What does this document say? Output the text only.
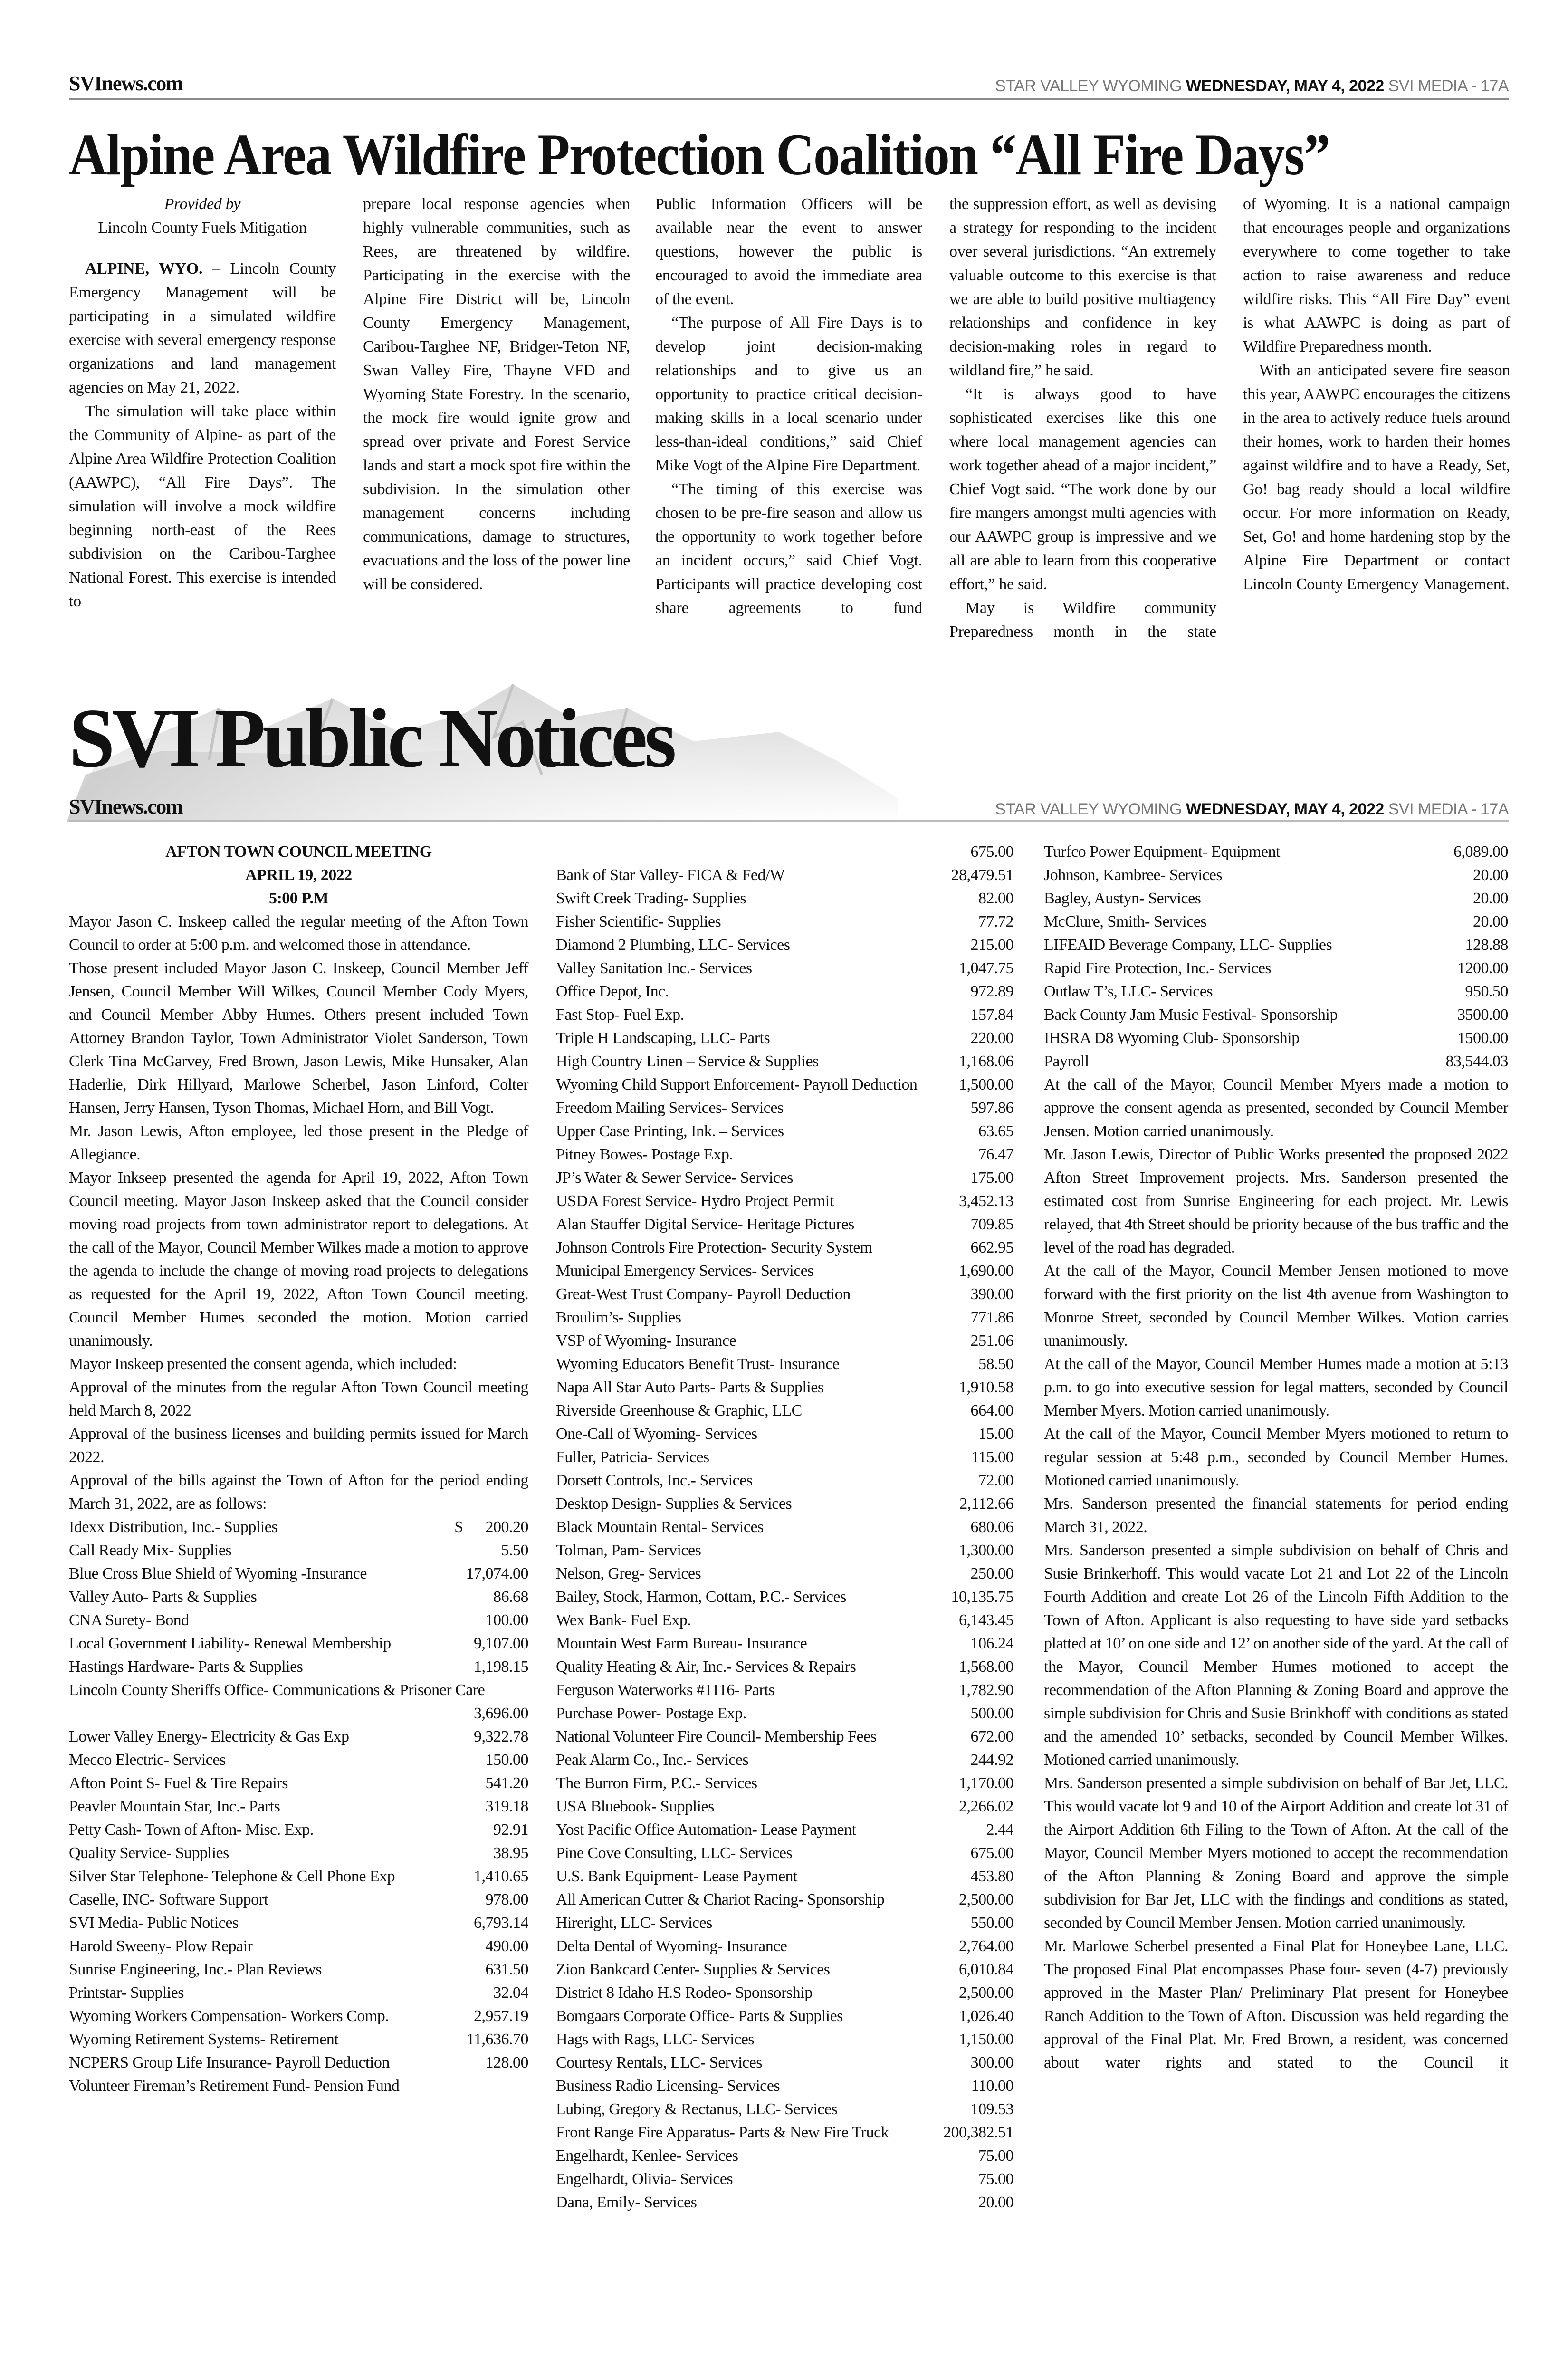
SVInews.com	STAR VALLEY WYOMING WEDNESDAY, MAY 4, 2022 SVI MEDIA - 17A
Alpine Area Wildfire Protection Coalition “All Fire Days”

Provided by
Lincoln County Fuels Mitigation

ALPINE, WYO. – Lincoln County Emergency Management will be participating in a simulated wildfire exercise with several emergency response organizations and land management agencies on May 21, 2022.

The simulation will take place within the Community of Alpine- as part of the Alpine Area Wildfire Protection Coalition (AAWPC), “All Fire Days”. The simulation will involve a mock wildfire beginning north-east of the Rees subdivision on the Caribou-Targhee National Forest. This exercise is intended to

prepare local response agencies when highly vulnerable communities, such as Rees, are threatened by wildfire. Participating in the exercise with the Alpine Fire District will be, Lincoln County Emergency Management, Caribou-Targhee NF, Bridger-Teton NF, Swan Valley Fire, Thayne VFD and Wyoming State Forestry. In the scenario, the mock fire would ignite grow and spread over private and Forest Service lands and start a mock spot fire within the subdivision. In the simulation other management concerns including communications, damage to structures, evacuations and the loss of the power line will be considered.

Public Information Officers will be available near the event to answer questions, however the public is encouraged to avoid the immediate area of the event.

“The purpose of All Fire Days is to develop joint decision-making relationships and to give us an opportunity to practice critical decision-making skills in a local scenario under less-than-ideal conditions,” said Chief Mike Vogt of the Alpine Fire Department.

“The timing of this exercise was chosen to be pre-fire season and allow us the opportunity to work together before an incident occurs,” said Chief Vogt. Participants will practice developing cost share agreements to fund

the suppression effort, as well as devising a strategy for responding to the incident over several jurisdictions. “An extremely valuable outcome to this exercise is that we are able to build positive multiagency relationships and confidence in key decision-making roles in regard to wildland fire,” he said.

“It is always good to have sophisticated exercises like this one where local management agencies can work together ahead of a major incident,” Chief Vogt said. “The work done by our fire mangers amongst multi agencies with our AAWPC group is impressive and we all are able to learn from this cooperative effort,” he said.

May is Wildfire community Preparedness month in the state

of Wyoming. It is a national campaign that encourages people and organizations everywhere to come together to take action to raise awareness and reduce wildfire risks. This “All Fire Day” event is what AAWPC is doing as part of Wildfire Preparedness month.

With an anticipated severe fire season this year, AAWPC encourages the citizens in the area to actively reduce fuels around their homes, work to harden their homes against wildfire and to have a Ready, Set, Go! bag ready should a local wildfire occur. For more information on Ready, Set, Go! and home hardening stop by the Alpine Fire Department or contact Lincoln County Emergency Management.

SVI Public Notices
SVInews.com	STAR VALLEY WYOMING WEDNESDAY, MAY 4, 2022 SVI MEDIA - 17A
AFTON TOWN COUNCIL MEETING
APRIL 19, 2022
5:00 P.M

Mayor Jason C. Inskeep called the regular meeting of the Afton Town Council to order at 5:00 p.m. and welcomed those in attendance.

Those present included Mayor Jason C. Inskeep, Council Member Jeff Jensen, Council Member Will Wilkes, Council Member Cody Myers, and Council Member Abby Humes. Others present included Town Attorney Brandon Taylor, Town Administrator Violet Sanderson, Town Clerk Tina McGarvey, Fred Brown, Jason Lewis, Mike Hunsaker, Alan Haderlie, Dirk Hillyard, Marlowe Scherbel, Jason Linford, Colter Hansen, Jerry Hansen, Tyson Thomas, Michael Horn, and Bill Vogt.

Mr. Jason Lewis, Afton employee, led those present in the Pledge of Allegiance.

Mayor Inkseep presented the agenda for April 19, 2022, Afton Town Council meeting. Mayor Jason Inskeep asked that the Council consider moving road projects from town administrator report to delegations. At the call of the Mayor, Council Member Wilkes made a motion to approve the agenda to include the change of moving road projects to delegations as requested for the April 19, 2022, Afton Town Council meeting. Council Member Humes seconded the motion. Motion carried unanimously.

Mayor Inskeep presented the consent agenda, which included:

Approval of the minutes from the regular Afton Town Council meeting held March 8, 2022

Approval of the business licenses and building permits issued for March 2022.

Approval of the bills against the Town of Afton for the period ending March 31, 2022, are as follows:

Idexx Distribution, Inc.- Supplies	$      200.20
Call Ready Mix- Supplies	5.50
Blue Cross Blue Shield of Wyoming -Insurance	17,074.00
Valley Auto- Parts & Supplies	86.68
CNA Surety- Bond	100.00
Local Government Liability- Renewal Membership	9,107.00
Hastings Hardware- Parts & Supplies	1,198.15
Lincoln County Sheriffs Office- Communications & Prisoner Care
3,696.00
Lower Valley Energy- Electricity & Gas Exp	9,322.78
Mecco Electric- Services	150.00
Afton Point S- Fuel & Tire Repairs	541.20
Peavler Mountain Star, Inc.- Parts	319.18
Petty Cash- Town of Afton- Misc. Exp.	92.91
Quality Service- Supplies	38.95
Silver Star Telephone- Telephone & Cell Phone Exp	1,410.65
Caselle, INC- Software Support	978.00
SVI Media- Public Notices	6,793.14
Harold Sweeny- Plow Repair	490.00
Sunrise Engineering, Inc.- Plan Reviews	631.50
Printstar- Supplies	32.04
Wyoming Workers Compensation- Workers Comp.	2,957.19
Wyoming Retirement Systems- Retirement	11,636.70
NCPERS Group Life Insurance- Payroll Deduction	128.00
Volunteer Fireman’s Retirement Fund- Pension Fund
675.00
Bank of Star Valley- FICA & Fed/W	28,479.51
Swift Creek Trading- Supplies	82.00
Fisher Scientific- Supplies	77.72
Diamond 2 Plumbing, LLC- Services	215.00
Valley Sanitation Inc.- Services	1,047.75
Office Depot, Inc.	972.89
Fast Stop- Fuel Exp.	157.84
Triple H Landscaping, LLC- Parts	220.00
High Country Linen – Service & Supplies	1,168.06
Wyoming Child Support Enforcement- Payroll Deduction	1,500.00
Freedom Mailing Services- Services	597.86
Upper Case Printing, Ink. – Services	63.65
Pitney Bowes- Postage Exp.	76.47
JP’s Water & Sewer Service- Services	175.00
USDA Forest Service- Hydro Project Permit	3,452.13
Alan Stauffer Digital Service- Heritage Pictures	709.85
Johnson Controls Fire Protection- Security System	662.95
Municipal Emergency Services- Services	1,690.00
Great-West Trust Company- Payroll Deduction	390.00
Broulim’s- Supplies	771.86
VSP of Wyoming- Insurance	251.06
Wyoming Educators Benefit Trust- Insurance	58.50
Napa All Star Auto Parts- Parts & Supplies	1,910.58
Riverside Greenhouse & Graphic, LLC	664.00
One-Call of Wyoming- Services	15.00
Fuller, Patricia- Services	115.00
Dorsett Controls, Inc.- Services	72.00
Desktop Design- Supplies & Services	2,112.66
Black Mountain Rental- Services	680.06
Tolman, Pam- Services	1,300.00
Nelson, Greg- Services	250.00
Bailey, Stock, Harmon, Cottam, P.C.- Services	10,135.75
Wex Bank- Fuel Exp.	6,143.45
Mountain West Farm Bureau- Insurance	106.24
Quality Heating & Air, Inc.- Services & Repairs	1,568.00
Ferguson Waterworks #1116- Parts	1,782.90
Purchase Power- Postage Exp.	500.00
National Volunteer Fire Council- Membership Fees	672.00
Peak Alarm Co., Inc.- Services	244.92
The Burron Firm, P.C.- Services	1,170.00
USA Bluebook- Supplies	2,266.02
Yost Pacific Office Automation- Lease Payment	2.44
Pine Cove Consulting, LLC- Services	675.00
U.S. Bank Equipment- Lease Payment	453.80
All American Cutter & Chariot Racing- Sponsorship	2,500.00
Hireright, LLC- Services	550.00
Delta Dental of Wyoming- Insurance	2,764.00
Zion Bankcard Center- Supplies & Services	6,010.84
District 8 Idaho H.S Rodeo- Sponsorship	2,500.00
Bomgaars Corporate Office- Parts & Supplies	1,026.40
Hags with Rags, LLC- Services	1,150.00
Courtesy Rentals, LLC- Services	300.00
Business Radio Licensing- Services	110.00
Lubing, Gregory & Rectanus, LLC- Services	109.53
Front Range Fire Apparatus- Parts & New Fire Truck	200,382.51
Engelhardt, Kenlee- Services	75.00
Engelhardt, Olivia- Services	75.00
Dana, Emily- Services	20.00
Turfco Power Equipment- Equipment	6,089.00
Johnson, Kambree- Services	20.00
Bagley, Austyn- Services	20.00
McClure, Smith- Services	20.00
LIFEAID Beverage Company, LLC- Supplies	128.88
Rapid Fire Protection, Inc.- Services	1200.00
Outlaw T’s, LLC- Services	950.50
Back County Jam Music Festival- Sponsorship	3500.00
IHSRA D8 Wyoming Club- Sponsorship	1500.00
Payroll	83,544.03

At the call of the Mayor, Council Member Myers made a motion to approve the consent agenda as presented, seconded by Council Member Jensen. Motion carried unanimously.

Mr. Jason Lewis, Director of Public Works presented the proposed 2022 Afton Street Improvement projects. Mrs. Sanderson presented the estimated cost from Sunrise Engineering for each project. Mr. Lewis relayed, that 4th Street should be priority because of the bus traffic and the level of the road has degraded.

At the call of the Mayor, Council Member Jensen motioned to move forward with the first priority on the list 4th avenue from Washington to Monroe Street, seconded by Council Member Wilkes. Motion carries unanimously.

At the call of the Mayor, Council Member Humes made a motion at 5:13 p.m. to go into executive session for legal matters, seconded by Council Member Myers. Motion carried unanimously.

At the call of the Mayor, Council Member Myers motioned to return to regular session at 5:48 p.m., seconded by Council Member Humes. Motioned carried unanimously.

Mrs. Sanderson presented the financial statements for period ending March 31, 2022.

Mrs. Sanderson presented a simple subdivision on behalf of Chris and Susie Brinkerhoff. This would vacate Lot 21 and Lot 22 of the Lincoln Fourth Addition and create Lot 26 of the Lincoln Fifth Addition to the Town of Afton. Applicant is also requesting to have side yard setbacks platted at 10’ on one side and 12’ on another side of the yard. At the call of the Mayor, Council Member Humes motioned to accept the recommendation of the Afton Planning & Zoning Board and approve the simple subdivision for Chris and Susie Brinkhoff with conditions as stated and the amended 10’ setbacks, seconded by Council Member Wilkes. Motioned carried unanimously.

Mrs. Sanderson presented a simple subdivision on behalf of Bar Jet, LLC. This would vacate lot 9 and 10 of the Airport Addition and create lot 31 of the Airport Addition 6th Filing to the Town of Afton. At the call of the Mayor, Council Member Myers motioned to accept the recommendation of the Afton Planning & Zoning Board and approve the simple subdivision for Bar Jet, LLC with the findings and conditions as stated, seconded by Council Member Jensen. Motion carried unanimously.

Mr. Marlowe Scherbel presented a Final Plat for Honeybee Lane, LLC. The proposed Final Plat encompasses Phase four- seven (4-7) previously approved in the Master Plan/ Preliminary Plat present for Honeybee Ranch Addition to the Town of Afton. Discussion was held regarding the approval of the Final Plat. Mr. Fred Brown, a resident, was concerned about water rights and stated to the Council it
